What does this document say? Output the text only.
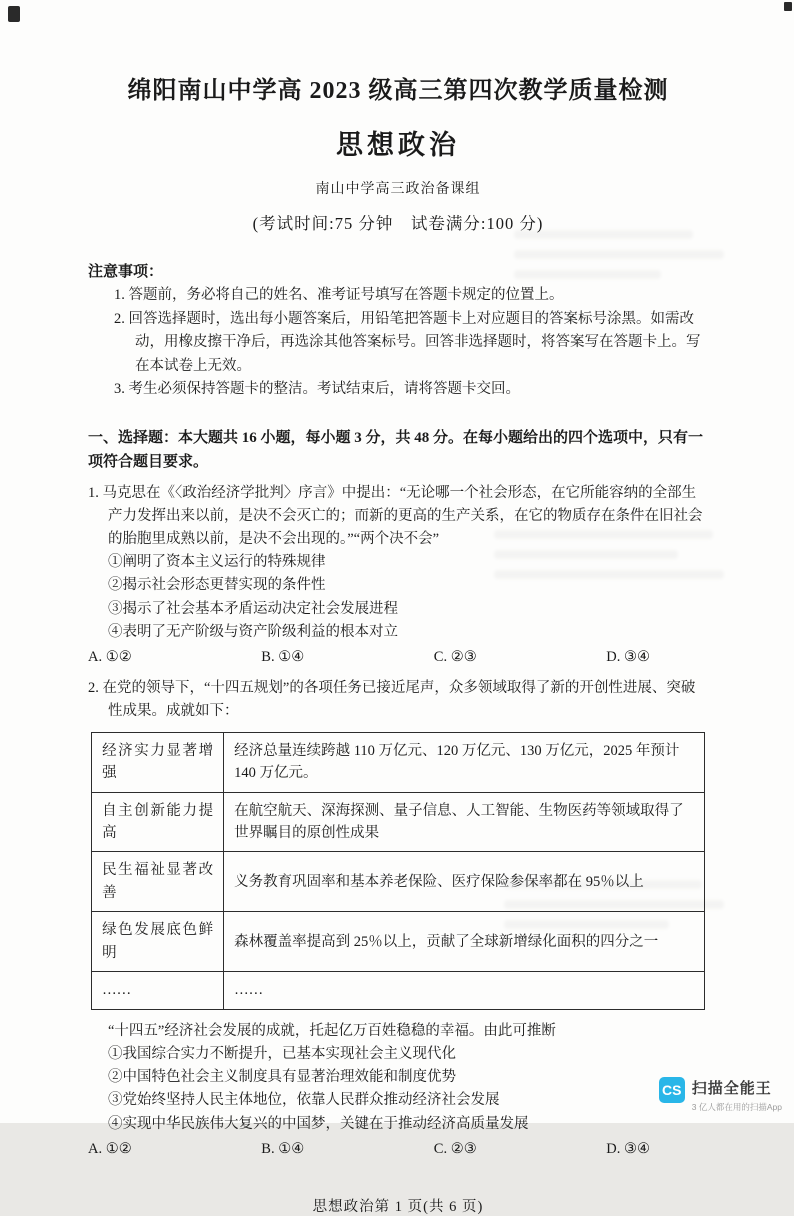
绵阳南山中学高 2023 级高三第四次教学质量检测
思想政治
南山中学高三政治备课组
(考试时间:75 分钟　试卷满分:100 分)
注意事项：
1. 答题前，务必将自己的姓名、准考证号填写在答题卡规定的位置上。
2. 回答选择题时，选出每小题答案后，用铅笔把答题卡上对应题目的答案标号涂黑。如需改动，用橡皮擦干净后，再选涂其他答案标号。回答非选择题时，将答案写在答题卡上。写在本试卷上无效。
3. 考生必须保持答题卡的整洁。考试结束后，请将答题卡交回。
一、选择题：本大题共 16 小题，每小题 3 分，共 48 分。在每小题给出的四个选项中，只有一项符合题目要求。
1. 马克思在《〈政治经济学批判〉序言》中提出：“无论哪一个社会形态，在它所能容纳的全部生产力发挥出来以前，是决不会灭亡的；而新的更高的生产关系，在它的物质存在条件在旧社会的胎胞里成熟以前，是决不会出现的。”“两个决不会”
①阐明了资本主义运行的特殊规律
②揭示社会形态更替实现的条件性
③揭示了社会基本矛盾运动决定社会发展进程
④表明了无产阶级与资产阶级利益的根本对立
A. ①②	B. ①④	C. ②③	D. ③④
2. 在党的领导下，“十四五规划”的各项任务已接近尾声，众多领域取得了新的开创性进展、突破性成果。成就如下：
经济实力显著增强	经济总量连续跨越 110 万亿元、120 万亿元、130 万亿元，2025 年预计 140 万亿元。
自主创新能力提高	在航空航天、深海探测、量子信息、人工智能、生物医药等领域取得了世界瞩目的原创性成果
民生福祉显著改善	义务教育巩固率和基本养老保险、医疗保险参保率都在 95％以上
绿色发展底色鲜明	森林覆盖率提高到 25％以上，贡献了全球新增绿化面积的四分之一
……	……
“十四五”经济社会发展的成就，托起亿万百姓稳稳的幸福。由此可推断
①我国综合实力不断提升，已基本实现社会主义现代化
②中国特色社会主义制度具有显著治理效能和制度优势
③党始终坚持人民主体地位，依靠人民群众推动经济社会发展
④实现中华民族伟大复兴的中国梦，关键在于推动经济高质量发展
A. ①②	B. ①④	C. ②③	D. ③④
思想政治第 1 页(共 6 页)
CS 扫描全能王
3 亿人都在用的扫描App
